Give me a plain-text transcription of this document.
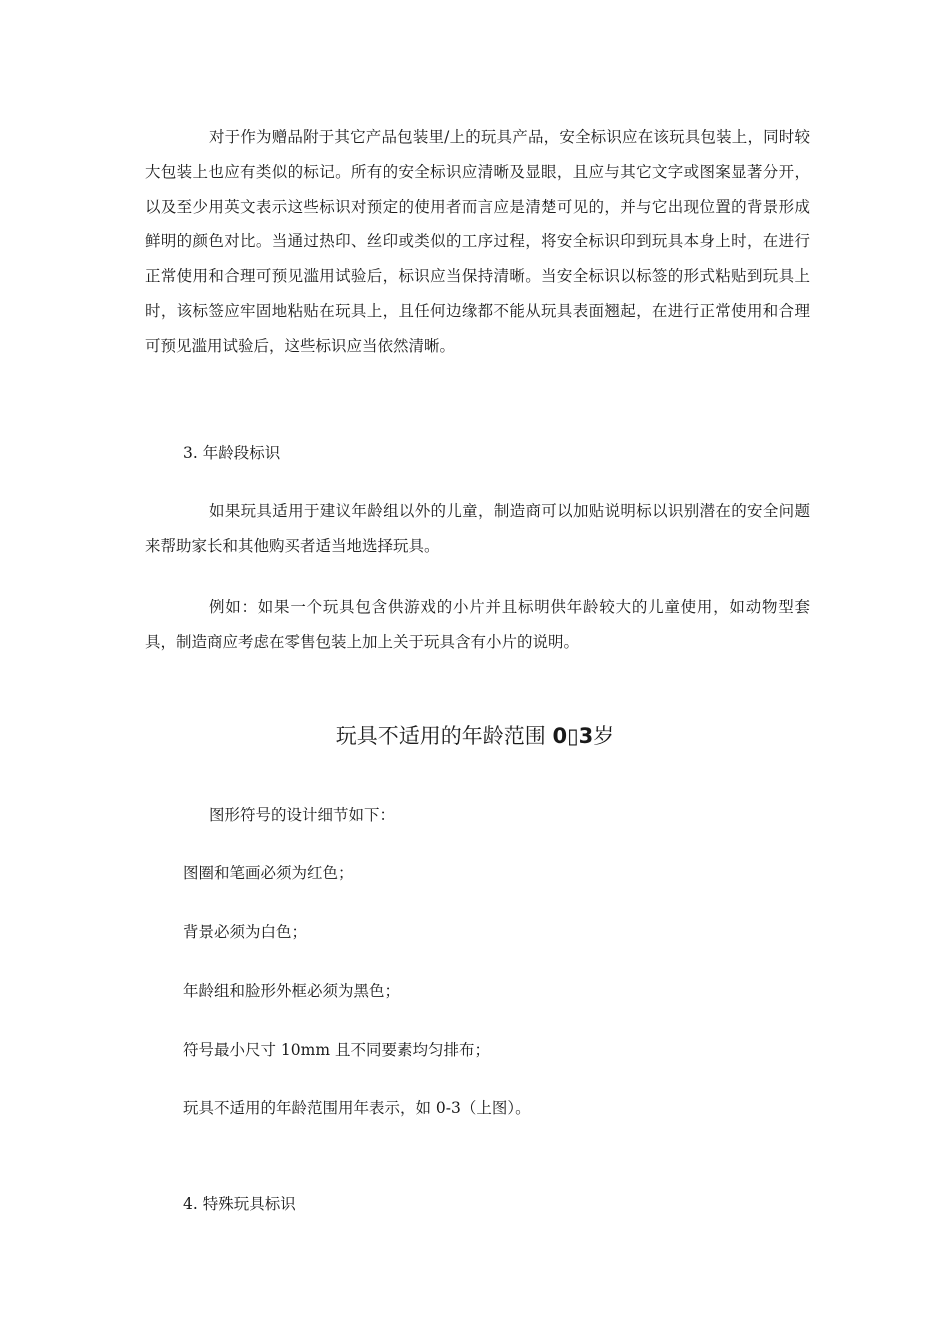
对于作为赠品附于其它产品包装里/上的玩具产品，安全标识应在该玩具包装上，同时较大包装上也应有类似的标记。所有的安全标识应清晰及显眼，且应与其它文字或图案显著分开，以及至少用英文表示这些标识对预定的使用者而言应是清楚可见的，并与它出现位置的背景形成鲜明的颜色对比。当通过热印、丝印或类似的工序过程，将安全标识印到玩具本身上时，在进行正常使用和合理可预见滥用试验后，标识应当保持清晰。当安全标识以标签的形式粘贴到玩具上时，该标签应牢固地粘贴在玩具上，且任何边缘都不能从玩具表面翘起，在进行正常使用和合理可预见滥用试验后，这些标识应当依然清晰。

3. 年龄段标识

如果玩具适用于建议年龄组以外的儿童，制造商可以加贴说明标以识别潜在的安全问题来帮助家长和其他购买者适当地选择玩具。

例如：如果一个玩具包含供游戏的小片并且标明供年龄较大的儿童使用，如动物型套具，制造商应考虑在零售包装上加上关于玩具含有小片的说明。

玩具不适用的年龄范围 0▯3岁

图形符号的设计细节如下：

图圈和笔画必须为红色；

背景必须为白色；

年龄组和脸形外框必须为黑色；

符号最小尺寸 10mm 且不同要素均匀排布；

玩具不适用的年龄范围用年表示，如 0-3（上图）。

4. 特殊玩具标识
